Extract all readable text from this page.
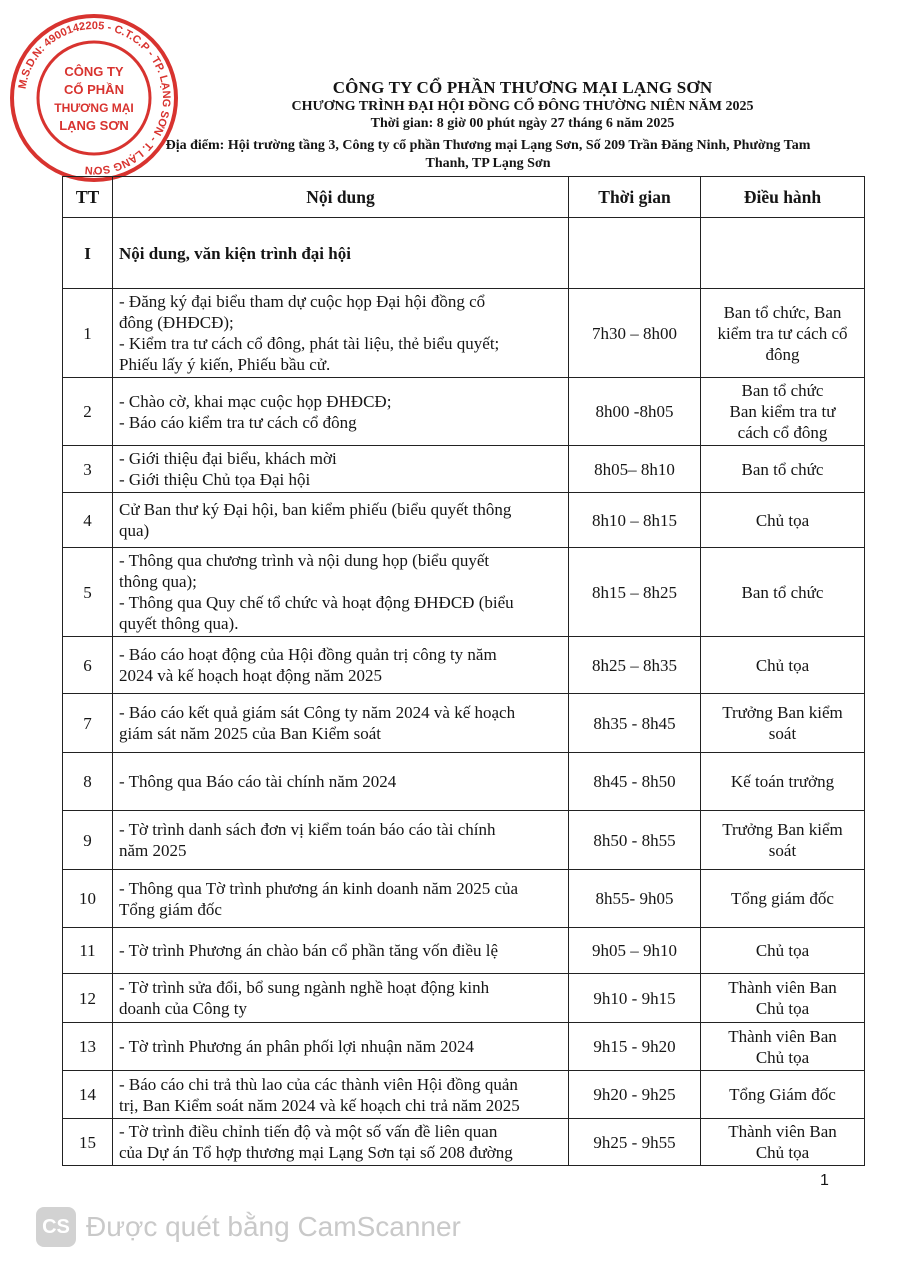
M.S.D.N: 4900142205 - C.T.C.P - TP. LẠNG SƠN - T. LẠNG SƠN
CÔNG TY
CỔ PHẦN
THƯƠNG MẠI
LẠNG SƠN
CÔNG TY CỔ PHẦN THƯƠNG MẠI LẠNG SƠN
CHƯƠNG TRÌNH ĐẠI HỘI ĐỒNG CỔ ĐÔNG THƯỜNG NIÊN NĂM 2025
Thời gian: 8 giờ 00 phút ngày 27 tháng 6 năm 2025
Địa điểm: Hội trường tầng 3, Công ty cổ phần Thương mại Lạng Sơn, Số 209 Trần Đăng Ninh, Phường Tam
Thanh, TP Lạng Sơn
TT	Nội dung	Thời gian	Điều hành
I	Nội dung, văn kiện trình đại hội		
1	- Đăng ký đại biểu tham dự cuộc họp Đại hội đồng cổ
đông (ĐHĐCĐ);
- Kiểm tra tư cách cổ đông, phát tài liệu, thẻ biểu quyết;
Phiếu lấy ý kiến, Phiếu bầu cử.	7h30 – 8h00	Ban tổ chức, Ban
kiểm tra tư cách cổ
đông

2	- Chào cờ, khai mạc cuộc họp ĐHĐCĐ;
- Báo cáo kiểm tra tư cách cổ đông	8h00 -8h05	Ban tổ chức
Ban kiểm tra tư
cách cổ đông

3	- Giới thiệu đại biểu, khách mời
- Giới thiệu Chủ tọa Đại hội	8h05– 8h10	Ban tổ chức

4	Cử Ban thư ký Đại hội, ban kiểm phiếu (biểu quyết thông
qua)	8h10 – 8h15	Chủ tọa

5	- Thông qua chương trình và nội dung họp (biểu quyết
thông qua);
- Thông qua Quy chế tổ chức và hoạt động ĐHĐCĐ (biểu
quyết thông qua).	8h15 – 8h25	Ban tổ chức

6	- Báo cáo hoạt động của Hội đồng quản trị công ty năm
2024 và kế hoạch hoạt động năm 2025	8h25 – 8h35	Chủ tọa

7	- Báo cáo kết quả giám sát Công ty năm 2024 và kế hoạch
giám sát năm 2025 của Ban Kiểm soát	8h35 - 8h45	Trưởng Ban kiểm
soát

8	- Thông qua Báo cáo tài chính năm 2024	8h45 - 8h50	Kế toán trưởng

9	- Tờ trình danh sách đơn vị kiểm toán báo cáo tài chính
năm 2025	8h50 - 8h55	Trưởng Ban kiểm
soát

10	- Thông qua Tờ trình phương án kinh doanh năm 2025 của
Tổng giám đốc	8h55- 9h05	Tổng giám đốc

11	- Tờ trình Phương án chào bán cổ phần tăng vốn điều lệ	9h05 – 9h10	Chủ tọa

12	- Tờ trình sửa đổi, bổ sung ngành nghề hoạt động kinh
doanh của Công ty	9h10 - 9h15	Thành viên Ban
Chủ tọa

13	- Tờ trình Phương án phân phối lợi nhuận năm 2024	9h15 - 9h20	Thành viên Ban
Chủ tọa

14	- Báo cáo chi trả thù lao của các thành viên Hội đồng quản
trị, Ban Kiểm soát năm 2024 và kế hoạch chi trả năm 2025	9h20 - 9h25	Tổng Giám đốc

15	- Tờ trình điều chỉnh tiến độ và một số vấn đề liên quan
của Dự án Tổ hợp thương mại Lạng Sơn tại số 208 đường	9h25 - 9h55	Thành viên Ban
Chủ tọa
1
CS Được quét bằng CamScanner
